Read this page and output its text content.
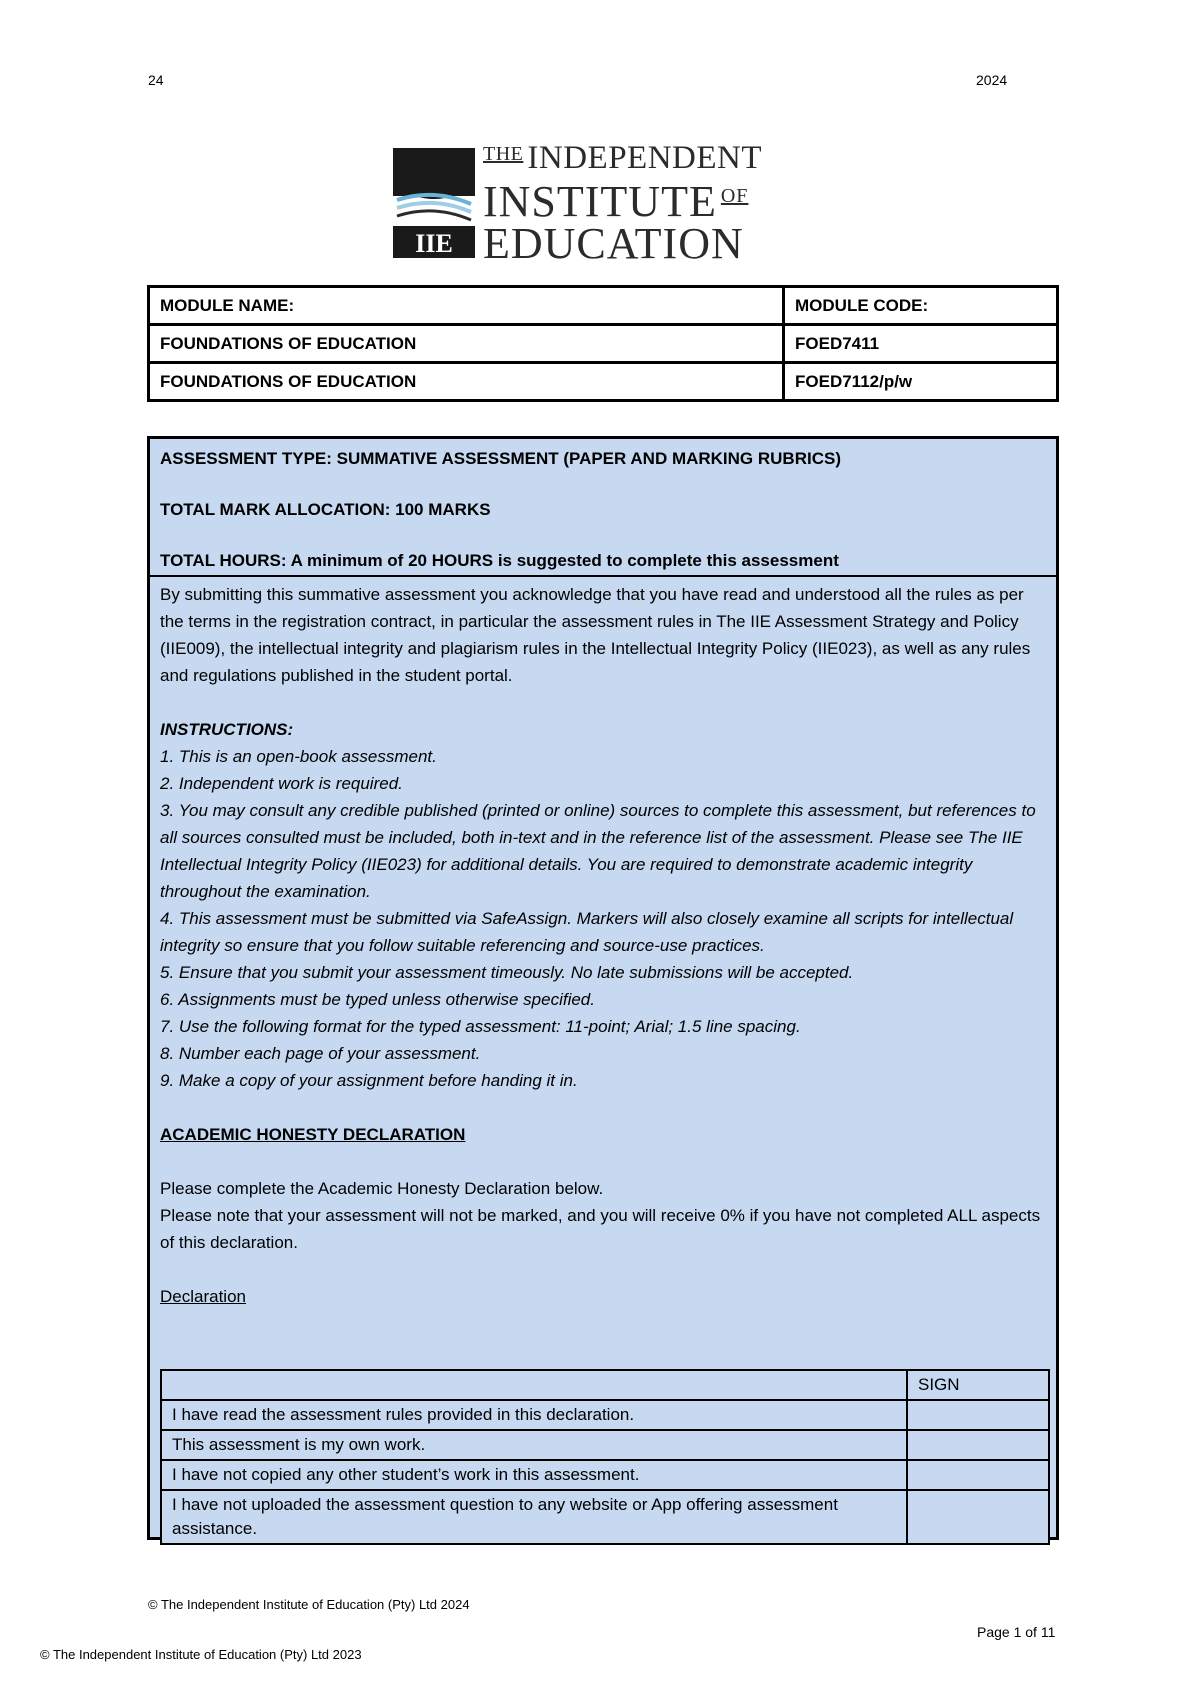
24	2024
IIE
$^{THE}$ INDEPENDENT
INSTITUTE $^{OF}$
EDUCATION
MODULE NAME:	MODULE CODE:
FOUNDATIONS OF EDUCATION	FOED7411
FOUNDATIONS OF EDUCATION	FOED7112/p/w

ASSESSMENT TYPE: SUMMATIVE ASSESSMENT (PAPER AND MARKING RUBRICS)

TOTAL MARK ALLOCATION: 100 MARKS

TOTAL HOURS: A minimum of 20 HOURS is suggested to complete this assessment

By submitting this summative assessment you acknowledge that you have read and understood all the rules as per the terms in the registration contract, in particular the assessment rules in The IIE Assessment Strategy and Policy (IIE009), the intellectual integrity and plagiarism rules in the Intellectual Integrity Policy (IIE023), as well as any rules and regulations published in the student portal.

INSTRUCTIONS:

1. This is an open-book assessment.

2. Independent work is required.

3. You may consult any credible published (printed or online) sources to complete this assessment, but references to all sources consulted must be included, both in-text and in the reference list of the assessment. Please see The IIE Intellectual Integrity Policy (IIE023) for additional details. You are required to demonstrate academic integrity throughout the examination.

4. This assessment must be submitted via SafeAssign. Markers will also closely examine all scripts for intellectual integrity so ensure that you follow suitable referencing and source-use practices.

5. Ensure that you submit your assessment timeously. No late submissions will be accepted.

6. Assignments must be typed unless otherwise specified.

7. Use the following format for the typed assessment: 11-point; Arial; 1.5 line spacing.

8. Number each page of your assessment.

9. Make a copy of your assignment before handing it in.

ACADEMIC HONESTY DECLARATION

Please complete the Academic Honesty Declaration below.

Please note that your assessment will not be marked, and you will receive 0% if you have not completed ALL aspects of this declaration.

Declaration

	SIGN
I have read the assessment rules provided in this declaration.	
This assessment is my own work.	
I have not copied any other student’s work in this assessment.	
I have not uploaded the assessment question to any website or App offering assessment assistance.	
© The Independent Institute of Education (Pty) Ltd 2024
Page 1 of 11
© The Independent Institute of Education (Pty) Ltd 2023
